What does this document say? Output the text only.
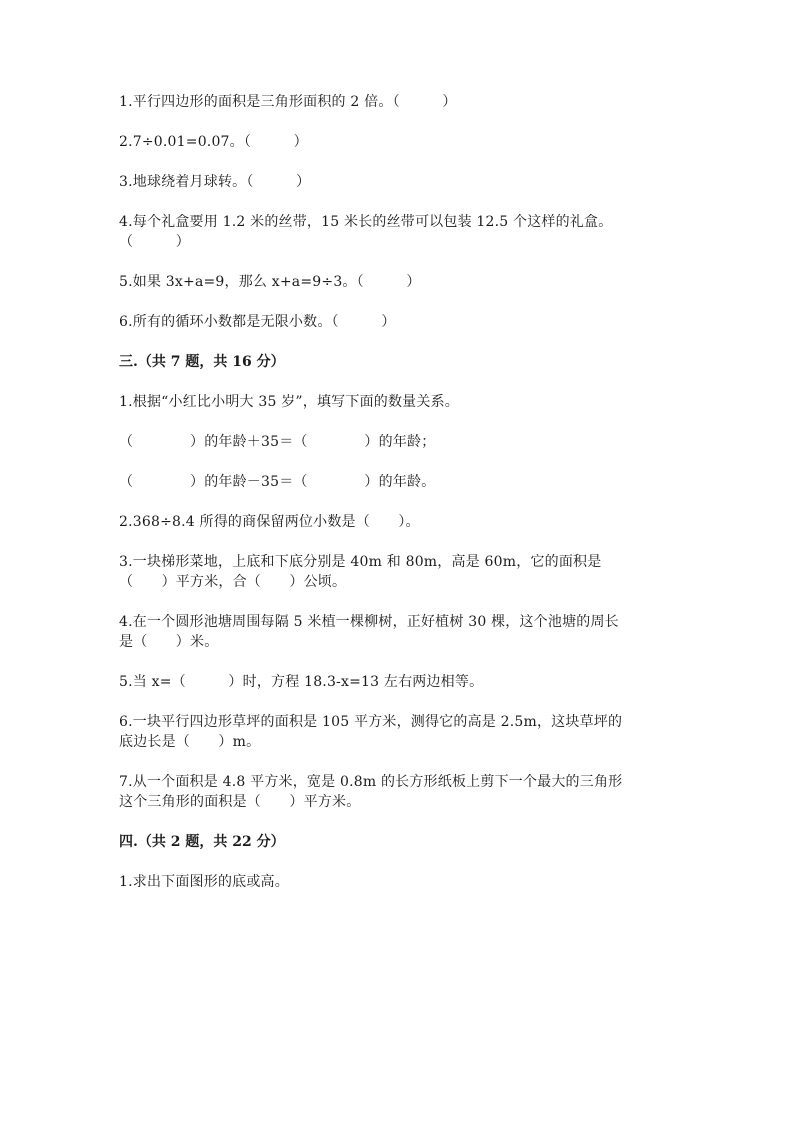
1.平行四边形的面积是三角形面积的 2 倍。（　　　）
2.7÷0.01=0.07。（　　　）
3.地球绕着月球转。（　　　）
4.每个礼盒要用 1.2 米的丝带，15 米长的丝带可以包装 12.5 个这样的礼盒。
（　　　）
5.如果 3x+a=9，那么 x+a=9÷3。（　　　）
6.所有的循环小数都是无限小数。（　　　）
三.（共 7 题，共 16 分）
1.根据“小红比小明大 35 岁”，填写下面的数量关系。
（　　　　）的年龄＋35＝（　　　　）的年龄；
（　　　　）的年龄－35＝（　　　　）的年龄。
2.368÷8.4 所得的商保留两位小数是（　　）。
3.一块梯形菜地，上底和下底分别是 40m 和 80m，高是 60m，它的面积是
（　　）平方米，合（　　）公顷。
4.在一个圆形池塘周围每隔 5 米植一棵柳树，正好植树 30 棵，这个池塘的周长
是（　　）米。
5.当 x=（　　　）时，方程 18.3-x=13 左右两边相等。
6.一块平行四边形草坪的面积是 105 平方米，测得它的高是 2.5m，这块草坪的
底边长是（　　）m。
7.从一个面积是 4.8 平方米，宽是 0.8m 的长方形纸板上剪下一个最大的三角形
这个三角形的面积是（　　）平方米。
四.（共 2 题，共 22 分）
1.求出下面图形的底或高。
